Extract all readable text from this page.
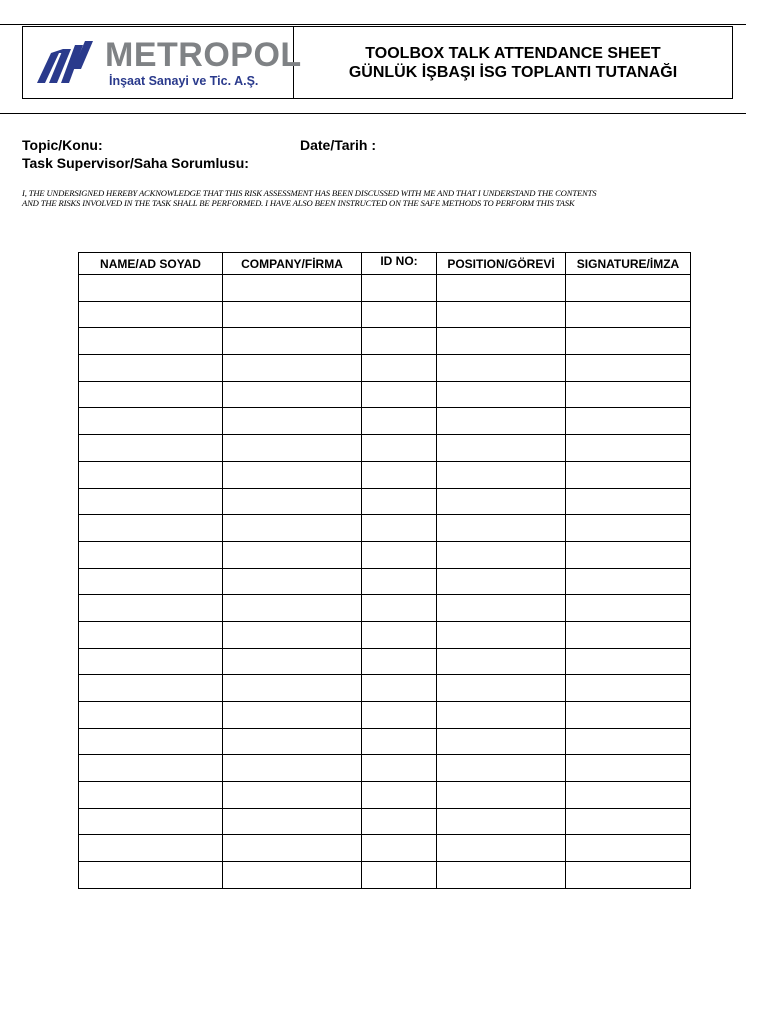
METROPOL
İnşaat Sanayi ve Tic. A.Ş.
TOOLBOX TALK ATTENDANCE SHEET
GÜNLÜK İŞBAŞI İSG TOPLANTI TUTANAĞI
Topic/Konu:	Date/Tarih :
Task Supervisor/Saha Sorumlusu:
I, THE UNDERSIGNED HEREBY ACKNOWLEDGE THAT THIS RISK ASSESSMENT HAS BEEN DISCUSSED WITH ME AND THAT I UNDERSTAND THE CONTENTS
AND THE RISKS INVOLVED IN THE TASK SHALL BE PERFORMED. I HAVE ALSO BEEN INSTRUCTED ON THE SAFE METHODS TO PERFORM THIS TASK
NAME/AD SOYAD	COMPANY/FİRMA	ID NO:	POSITION/GÖREVİ	SIGNATURE/İMZA
